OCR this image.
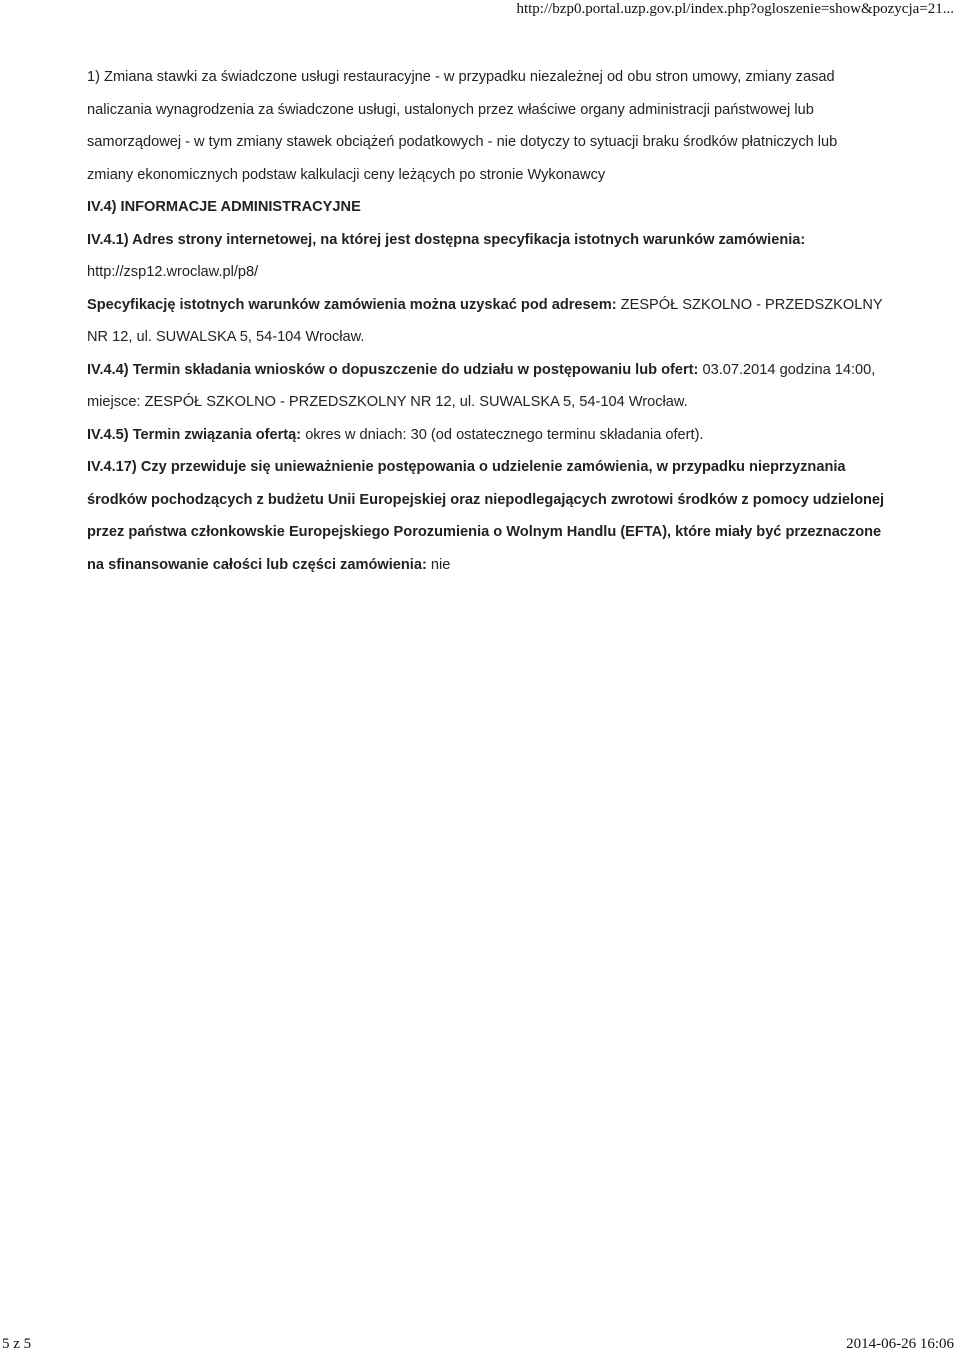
http://bzp0.portal.uzp.gov.pl/index.php?ogloszenie=show&pozycja=21...

1) Zmiana stawki za świadczone usługi restauracyjne - w przypadku niezależnej od obu stron umowy, zmiany zasad naliczania wynagrodzenia za świadczone usługi, ustalonych przez właściwe organy administracji państwowej lub samorządowej - w tym zmiany stawek obciążeń podatkowych - nie dotyczy to sytuacji braku środków płatniczych lub zmiany ekonomicznych podstaw kalkulacji ceny leżących po stronie Wykonawcy

IV.4) INFORMACJE ADMINISTRACYJNE

IV.4.1) Adres strony internetowej, na której jest dostępna specyfikacja istotnych warunków zamówienia: http://zsp12.wroclaw.pl/p8/

Specyfikację istotnych warunków zamówienia można uzyskać pod adresem: ZESPÓŁ SZKOLNO - PRZEDSZKOLNY NR 12, ul. SUWALSKA 5, 54-104 Wrocław.

IV.4.4) Termin składania wniosków o dopuszczenie do udziału w postępowaniu lub ofert: 03.07.2014 godzina 14:00, miejsce: ZESPÓŁ SZKOLNO - PRZEDSZKOLNY NR 12, ul. SUWALSKA 5, 54-104 Wrocław.

IV.4.5) Termin związania ofertą: okres w dniach: 30 (od ostatecznego terminu składania ofert).

IV.4.17) Czy przewiduje się unieważnienie postępowania o udzielenie zamówienia, w przypadku nieprzyznania środków pochodzących z budżetu Unii Europejskiej oraz niepodlegających zwrotowi środków z pomocy udzielonej przez państwa członkowskie Europejskiego Porozumienia o Wolnym Handlu (EFTA), które miały być przeznaczone na sfinansowanie całości lub części zamówienia: nie

5 z 5	2014-06-26 16:06
